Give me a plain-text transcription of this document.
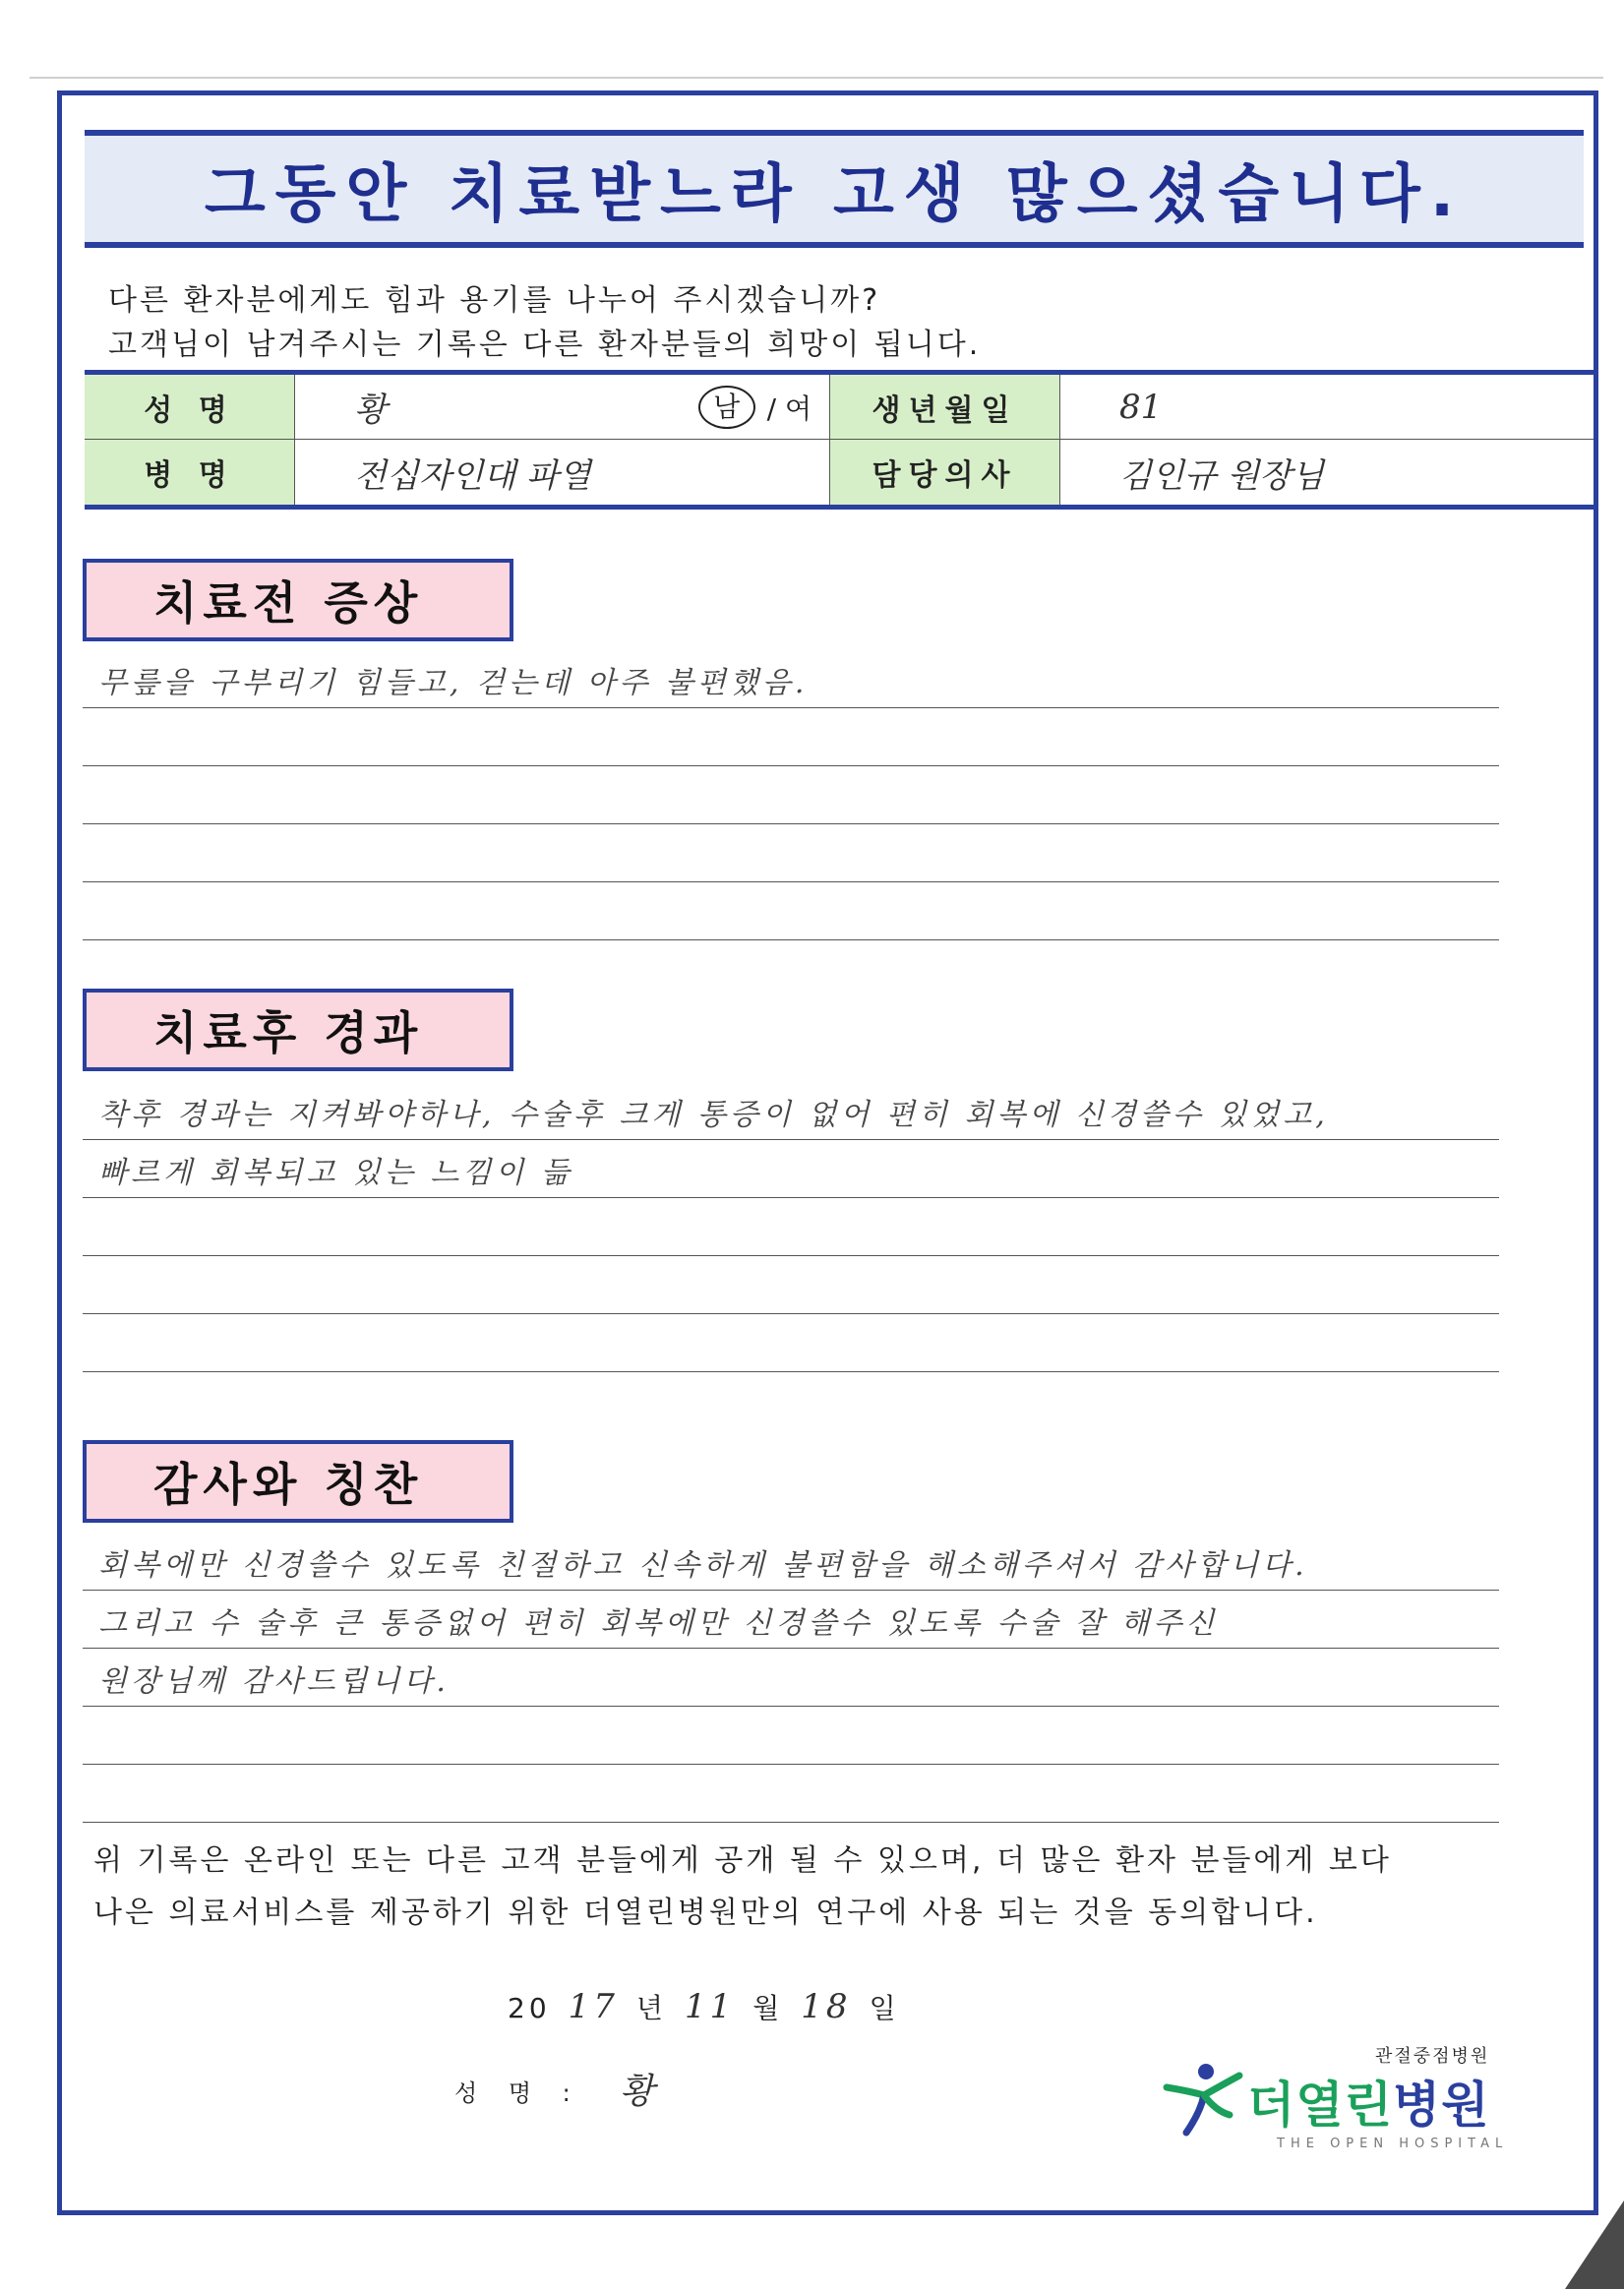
그동안 치료받느라 고생 많으셨습니다.
다른 환자분에게도 힘과 용기를 나누어 주시겠습니까?
고객님이 남겨주시는 기록은 다른 환자분들의 희망이 됩니다.
성 명	황	남 / 여	생년월일	81
병 명	전십자인대 파열	담당의사	김인규 원장님
치료전 증상
무릎을 구부리기 힘들고, 걷는데 아주 불편했음.
치료후 경과
착후 경과는 지켜봐야하나, 수술후 크게 통증이 없어 편히 회복에 신경쓸수 있었고,
빠르게 회복되고 있는 느낌이 듦
감사와 칭찬
회복에만 신경쓸수 있도록 친절하고 신속하게 불편함을 해소해주셔서 감사합니다.
그리고 수 술후 큰 통증없어 편히 회복에만 신경쓸수 있도록 수술 잘 해주신
원장님께 감사드립니다.
위 기록은 온라인 또는 다른 고객 분들에게 공개 될 수 있으며, 더 많은 환자 분들에게 보다
나은 의료서비스를 제공하기 위한 더열린병원만의 연구에 사용 되는 것을 동의합니다.
20 17 년 11 월 18 일
성 명 : 황
관절중점병원
더열린병원
THE OPEN HOSPITAL
